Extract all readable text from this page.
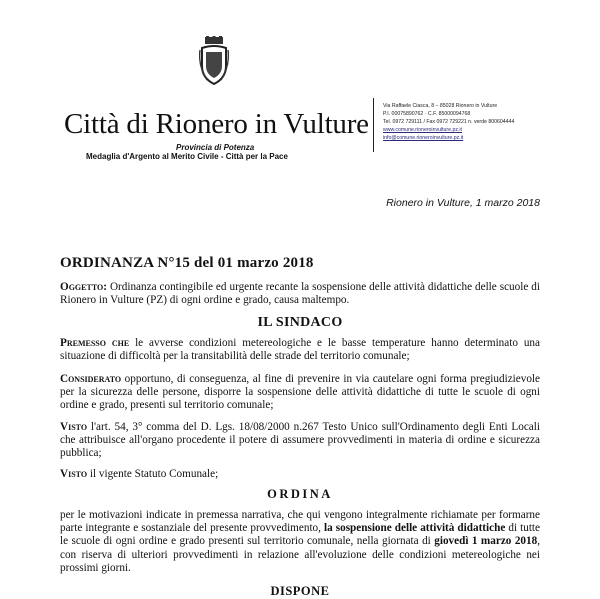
Città di Rionero in Vulture
Provincia di Potenza
Medaglia d'Argento al Merito Civile - Città per la Pace
Via Raffaele Ciasca, 8 – 85028 Rionero in Vulture
P.I. 00075890762 · C.F. 85000094768
Tel. 0972 729111 / Fax 0972 729221 n. verde 800604444
www.comune.rioneroinvulture.pz.it
info@comune.rioneroinvulture.pz.it
Rionero in Vulture, 1 marzo 2018
ORDINANZA N°15 del 01 marzo 2018
Oggetto: Ordinanza contingibile ed urgente recante la sospensione delle attività didattiche delle scuole di Rionero in Vulture (PZ) di ogni ordine e grado, causa maltempo.
IL SINDACO
Premesso che le avverse condizioni metereologiche e le basse temperature hanno determinato una situazione di difficoltà per la transitabilità delle strade del territorio comunale;
Considerato opportuno, di conseguenza, al fine di prevenire in via cautelare ogni forma pregiudizievole per la sicurezza delle persone, disporre la sospensione delle attività didattiche di tutte le scuole di ogni ordine e grado, presenti sul territorio comunale;
Visto l'art. 54, 3° comma del D. Lgs. 18/08/2000 n.267 Testo Unico sull'Ordinamento degli Enti Locali che attribuisce all'organo procedente il potere di assumere provvedimenti in materia di ordine e sicurezza pubblica;
Visto il vigente Statuto Comunale;
ORDINA
per le motivazioni indicate in premessa narrativa, che qui vengono integralmente richiamate per formarne parte integrante e sostanziale del presente provvedimento, la sospensione delle attività didattiche di tutte le scuole di ogni ordine e grado presenti sul territorio comunale, nella giornata di giovedì 1 marzo 2018, con riserva di ulteriori provvedimenti in relazione all'evoluzione delle condizioni metereologiche nei prossimi giorni.
DISPONE
